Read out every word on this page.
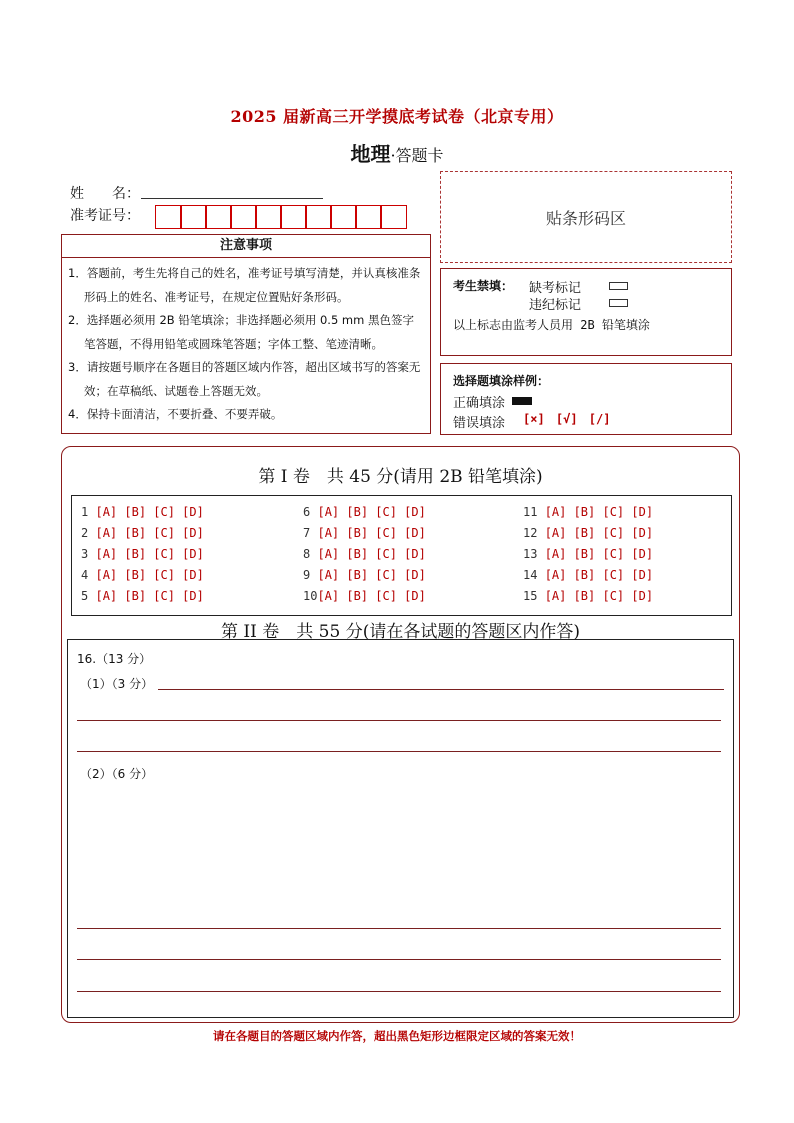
2025 届新高三开学摸底考试卷（北京专用）
地理·答题卡
姓　　名：
准考证号：	贴条形码区
注意事项
1．答题前，考生先将自己的姓名，准考证号填写清楚，并认真核准条形码上的姓名、准考证号，在规定位置贴好条形码。
2．选择题必须用 2B 铅笔填涂；非选择题必须用 0.5 mm 黑色签字笔答题，不得用铅笔或圆珠笔答题；字体工整、笔迹清晰。
3．请按题号顺序在各题目的答题区域内作答，超出区域书写的答案无效；在草稿纸、试题卷上答题无效。
4．保持卡面清洁，不要折叠、不要弄破。
考生禁填： 缺考标记
违纪标记
以上标志由监考人员用 2B 铅笔填涂
选择题填涂样例：
正确填涂
错误填涂 [×] [√] [/]
第 I 卷　共 45 分(请用 2B 铅笔填涂)
1 [A] [B] [C] [D]
2 [A] [B] [C] [D]
3 [A] [B] [C] [D]
4 [A] [B] [C] [D]
5 [A] [B] [C] [D]
6 [A] [B] [C] [D]
7 [A] [B] [C] [D]
8 [A] [B] [C] [D]
9 [A] [B] [C] [D]
10[A] [B] [C] [D]
11 [A] [B] [C] [D]
12 [A] [B] [C] [D]
13 [A] [B] [C] [D]
14 [A] [B] [C] [D]
15 [A] [B] [C] [D]
第 II 卷　共 55 分(请在各试题的答题区内作答)
16.（13 分）
（1）（3 分）
（2）（6 分）
请在各题目的答题区域内作答，超出黑色矩形边框限定区域的答案无效！
